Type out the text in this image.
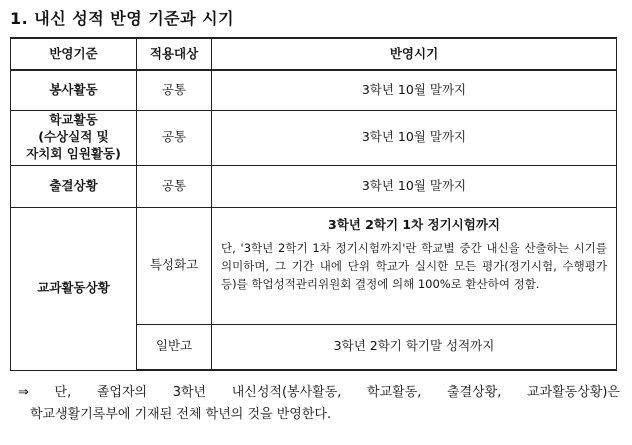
1. 내신 성적 반영 기준과 시기
반영기준	적용대상	반영시기
봉사활동	공통	3학년 10월 말까지

학교활동
(수상실적 및
자치회 임원활동)	공통	3학년 10월 말까지
출결상황	공통	3학년 10월 말까지
교과활동상황	특성화고	3학년 2학기 1차 정기시험까지
단, '3학년 2학기 1차 정기시험까지'란 학교별 중간 내신을 산출하는 시기를 의미하며, 그 기간 내에 단위 학교가 실시한 모든 평가(정기시험, 수행평가 등)를 학업성적관리위원회 결정에 의해 100%로 환산하여 정함.

	일반고	3학년 2학기 학기말 성적까지
⇒ 단, 졸업자의 3학년 내신성적(봉사활동, 학교활동, 출결상황, 교과활동상황)은
학교생활기록부에 기재된 전체 학년의 것을 반영한다.
